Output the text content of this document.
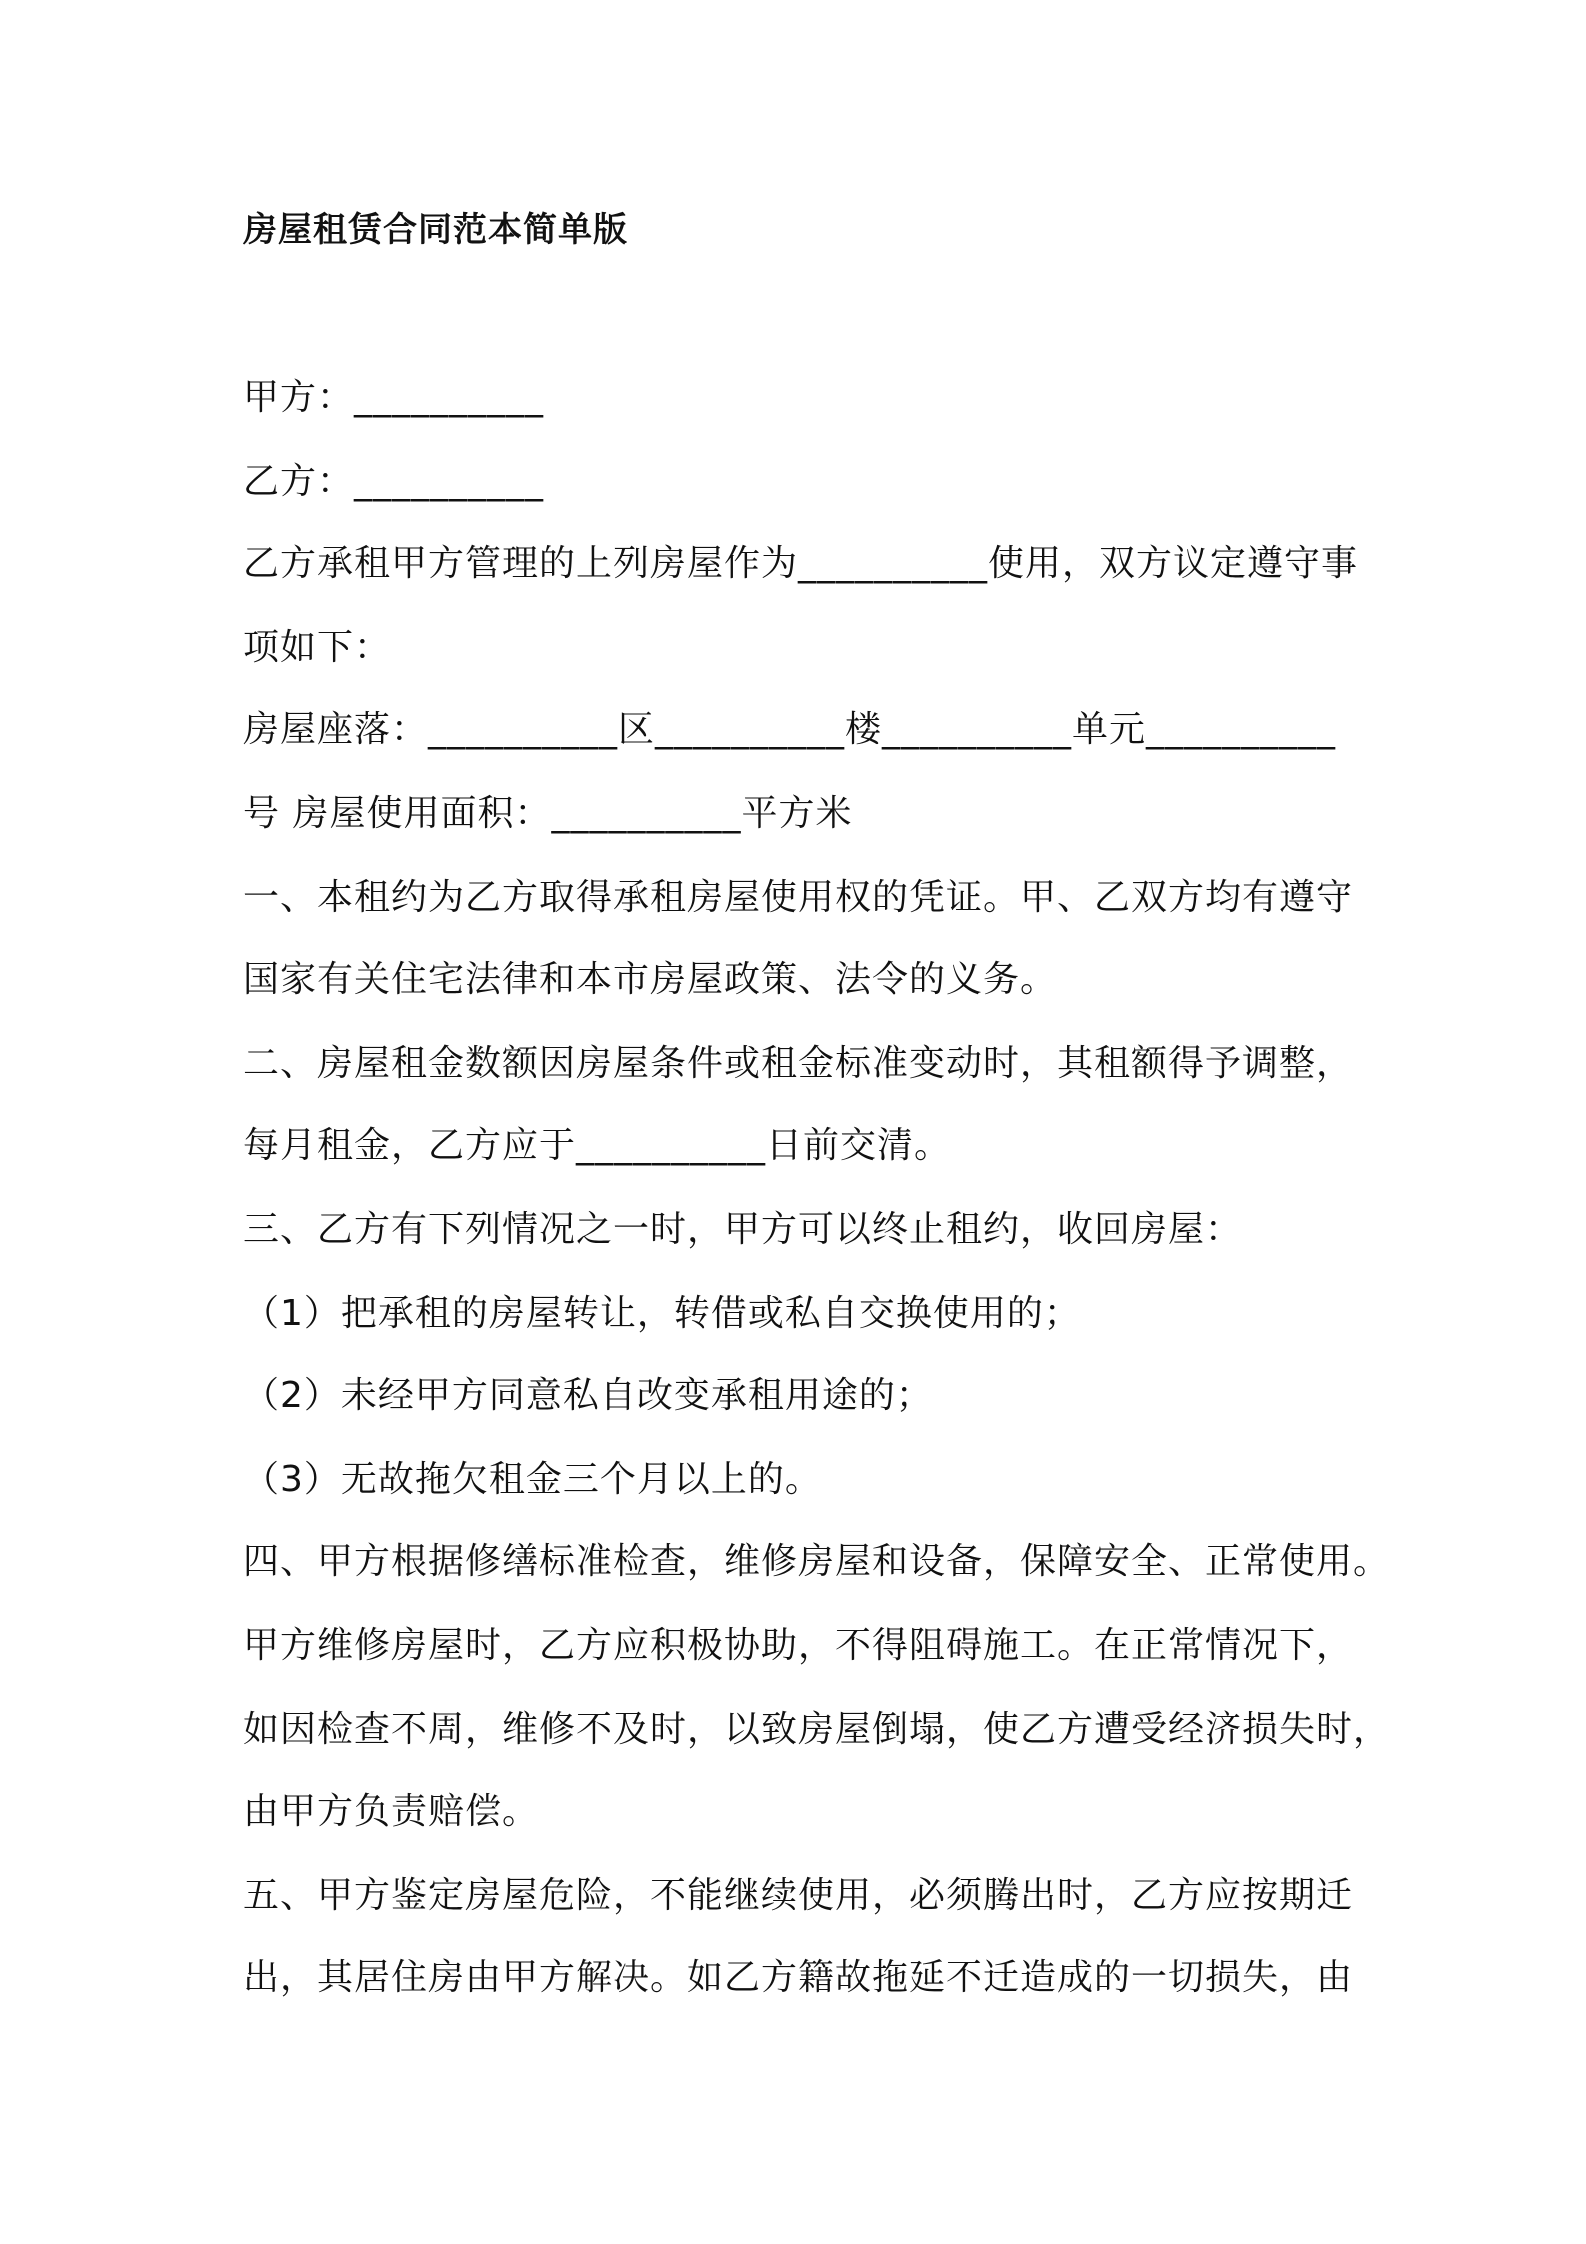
房屋租赁合同范本简单版
甲方：__________
乙方：__________
乙方承租甲方管理的上列房屋作为__________使用，双方议定遵守事
项如下：
房屋座落：__________区__________楼__________单元__________
号 房屋使用面积：__________平方米
一、本租约为乙方取得承租房屋使用权的凭证。甲、乙双方均有遵守
国家有关住宅法律和本市房屋政策、法令的义务。
二、房屋租金数额因房屋条件或租金标准变动时，其租额得予调整，
每月租金，乙方应于__________日前交清。
三、乙方有下列情况之一时，甲方可以终止租约，收回房屋：
（1）把承租的房屋转让，转借或私自交换使用的；
（2）未经甲方同意私自改变承租用途的；
（3）无故拖欠租金三个月以上的。
四、甲方根据修缮标准检查，维修房屋和设备，保障安全、正常使用。
甲方维修房屋时，乙方应积极协助，不得阻碍施工。在正常情况下，
如因检查不周，维修不及时，以致房屋倒塌，使乙方遭受经济损失时，
由甲方负责赔偿。
五、甲方鉴定房屋危险，不能继续使用，必须腾出时，乙方应按期迁
出，其居住房由甲方解决。如乙方籍故拖延不迁造成的一切损失，由
